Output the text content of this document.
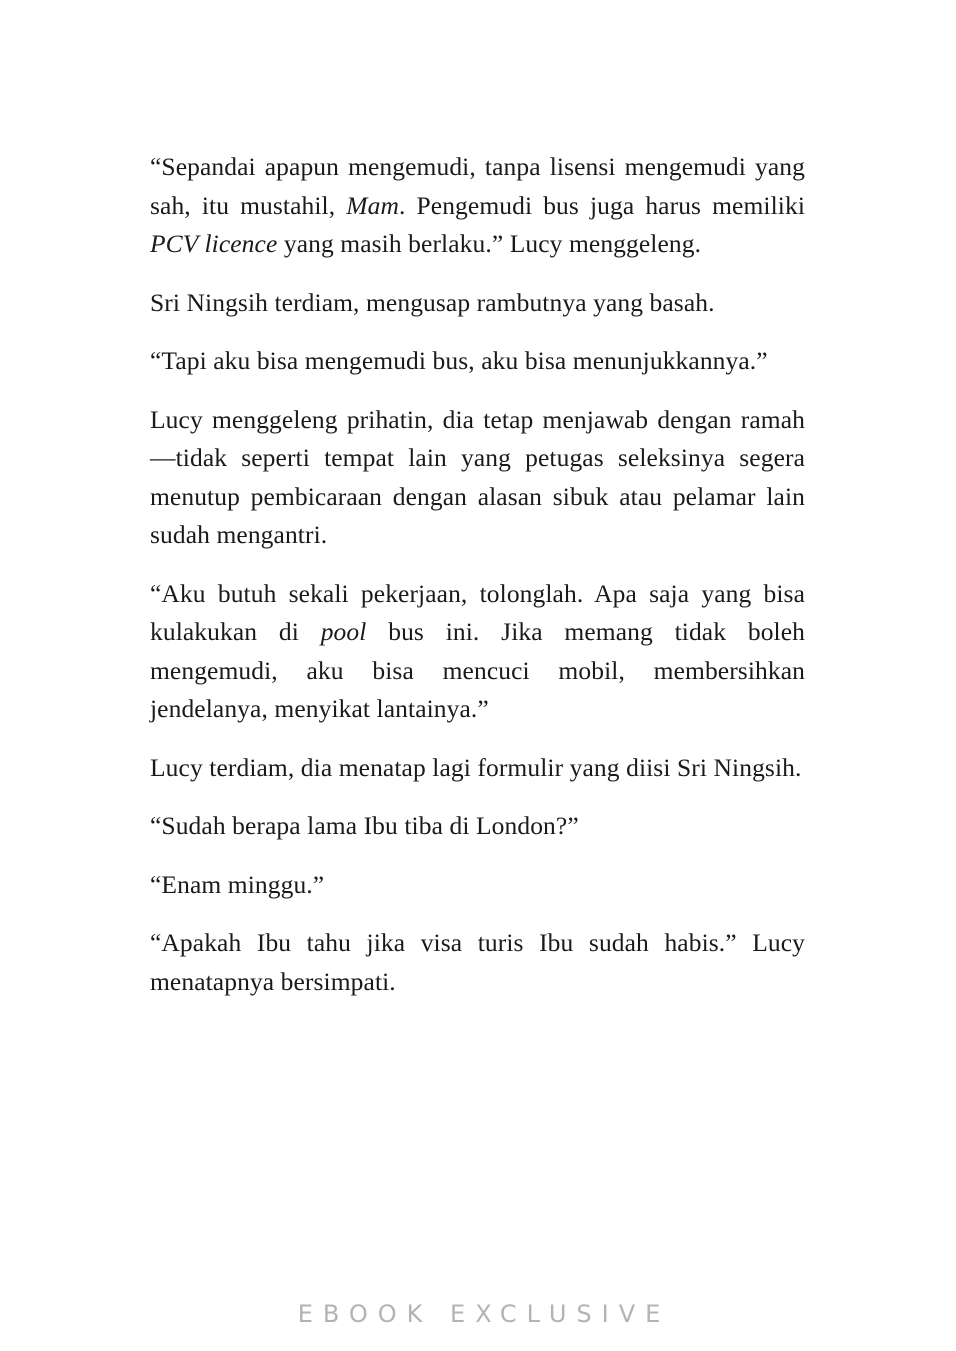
“Sepandai apapun mengemudi, tanpa lisensi mengemudi yang sah, itu mustahil, Mam. Pengemudi bus juga harus memiliki PCV licence yang masih berlaku.” Lucy menggeleng.

Sri Ningsih terdiam, mengusap rambutnya yang basah.

“Tapi aku bisa mengemudi bus, aku bisa menunjukkannya.”

Lucy menggeleng prihatin, dia tetap menjawab dengan ramah—tidak seperti tempat lain yang petugas seleksinya segera menutup pembicaraan dengan alasan sibuk atau pelamar lain sudah mengantri.

“Aku butuh sekali pekerjaan, tolonglah. Apa saja yang bisa kulakukan di pool bus ini. Jika memang tidak boleh mengemudi, aku bisa mencuci mobil, membersihkan jendelanya, menyikat lantainya.”

Lucy terdiam, dia menatap lagi formulir yang diisi Sri Ningsih.

“Sudah berapa lama Ibu tiba di London?”

“Enam minggu.”

“Apakah Ibu tahu jika visa turis Ibu sudah habis.” Lucy menatapnya bersimpati.

EBOOK EXCLUSIVE
